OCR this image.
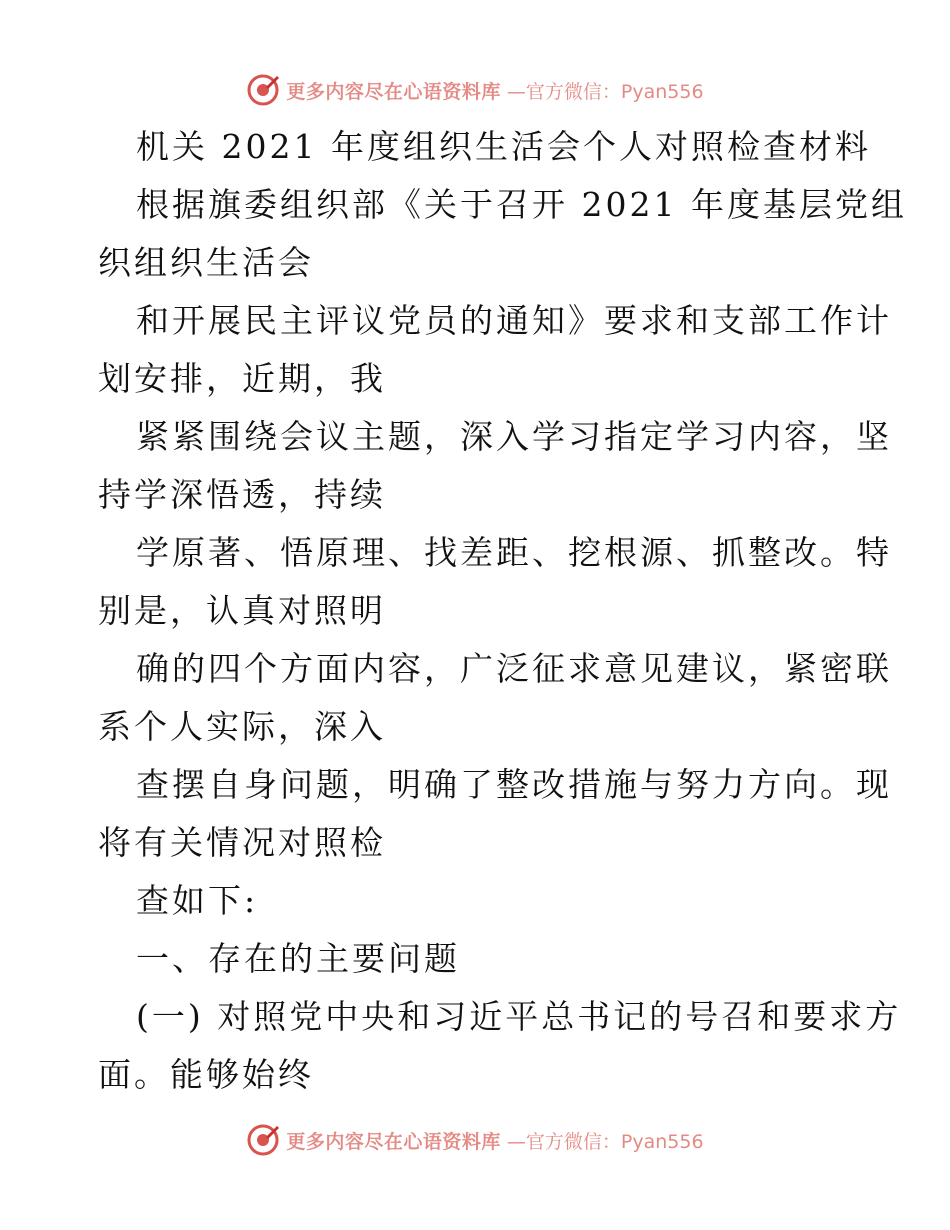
更多内容尽在心语资料库 —官方微信：Pyan556
机关 2021 年度组织生活会个人对照检查材料
根据旗委组织部《关于召开 2021 年度基层党组
织组织生活会
和开展民主评议党员的通知》要求和支部工作计
划安排，近期，我
紧紧围绕会议主题，深入学习指定学习内容，坚
持学深悟透，持续
学原著、悟原理、找差距、挖根源、抓整改。特
别是，认真对照明
确的四个方面内容，广泛征求意见建议，紧密联
系个人实际，深入
查摆自身问题，明确了整改措施与努力方向。现
将有关情况对照检
查如下:
一、存在的主要问题
(一) 对照党中央和习近平总书记的号召和要求方
面。能够始终
更多内容尽在心语资料库 —官方微信：Pyan556
